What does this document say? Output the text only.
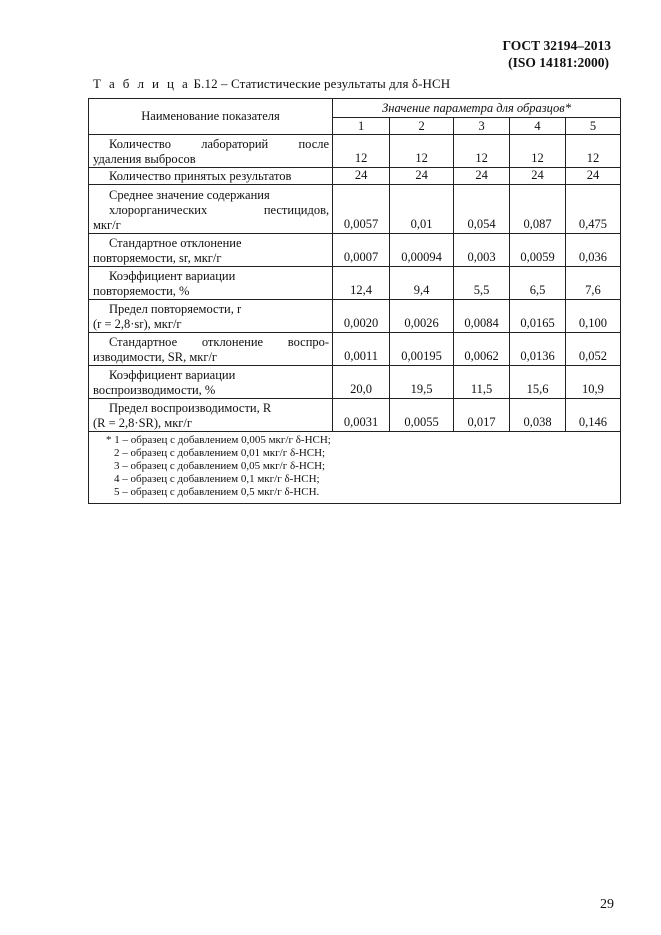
ГОСТ 32194–2013
(ISO 14181:2000)
Т а б л и ц а Б.12 – Статистические результаты для δ-HCH
Наименование показателя	Значение параметра для образцов*				
	1	2	3	4	5

Количество лабораторий после
удаления выбросов	12	12	12	12	12
Количество принятых результатов	24	24	24	24	24

Среднее значение содержания
хлорорганических пестицидов,
мкг/г	0,0057	0,01	0,054	0,087	0,475

Стандартное отклонение
повторяемости, sr, мкг/г	0,0007	0,00094	0,003	0,0059	0,036

Коэффициент вариации
повторяемости, %	12,4	9,4	5,5	6,5	7,6

Предел повторяемости, r
(r = 2,8·sr), мкг/г	0,0020	0,0026	0,0084	0,0165	0,100

Стандартное отклонение воспро-
изводимости, SR, мкг/г	0,0011	0,00195	0,0062	0,0136	0,052

Коэффициент вариации
воспроизводимости, %	20,0	19,5	11,5	15,6	10,9

Предел воспроизводимости, R
(R = 2,8·SR), мкг/г	0,0031	0,0055	0,017	0,038	0,146

* 1 – образец с добавлением 0,005 мкг/г δ-HCH;
2 – образец с добавлением 0,01 мкг/г δ-HCH;
3 – образец с добавлением 0,05 мкг/г δ-HCH;
4 – образец с добавлением 0,1 мкг/г δ-HCH;
5 – образец с добавлением 0,5 мкг/г δ-HCH.					
29
